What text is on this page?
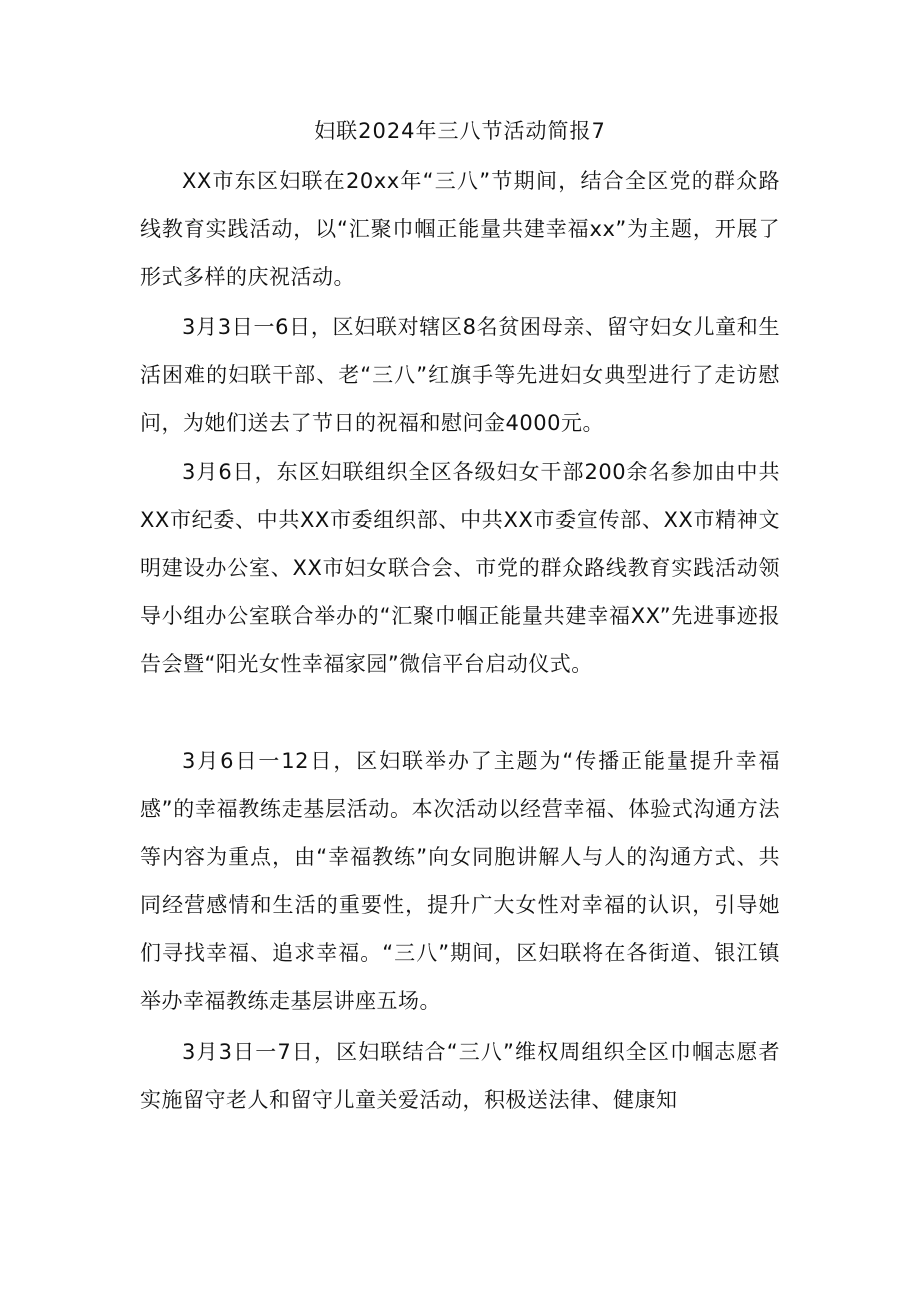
妇联2024年三八节活动简报7

XX市东区妇联在20xx年“三八”节期间，结合全区党的群众路线教育实践活动，以“汇聚巾帼正能量共建幸福xx”为主题，开展了形式多样的庆祝活动。

3月3日一6日，区妇联对辖区8名贫困母亲、留守妇女儿童和生活困难的妇联干部、老“三八”红旗手等先进妇女典型进行了走访慰问，为她们送去了节日的祝福和慰问金4000元。

3月6日，东区妇联组织全区各级妇女干部200余名参加由中共XX市纪委、中共XX市委组织部、中共XX市委宣传部、XX市精神文明建设办公室、XX市妇女联合会、市党的群众路线教育实践活动领导小组办公室联合举办的“汇聚巾帼正能量共建幸福XX”先进事迹报告会暨“阳光女性幸福家园”微信平台启动仪式。

3月6日一12日，区妇联举办了主题为“传播正能量提升幸福感”的幸福教练走基层活动。本次活动以经营幸福、体验式沟通方法等内容为重点，由“幸福教练”向女同胞讲解人与人的沟通方式、共同经营感情和生活的重要性，提升广大女性对幸福的认识，引导她们寻找幸福、追求幸福。“三八”期间，区妇联将在各街道、银江镇举办幸福教练走基层讲座五场。

3月3日一7日，区妇联结合“三八”维权周组织全区巾帼志愿者实施留守老人和留守儿童关爱活动，积极送法律、健康知
